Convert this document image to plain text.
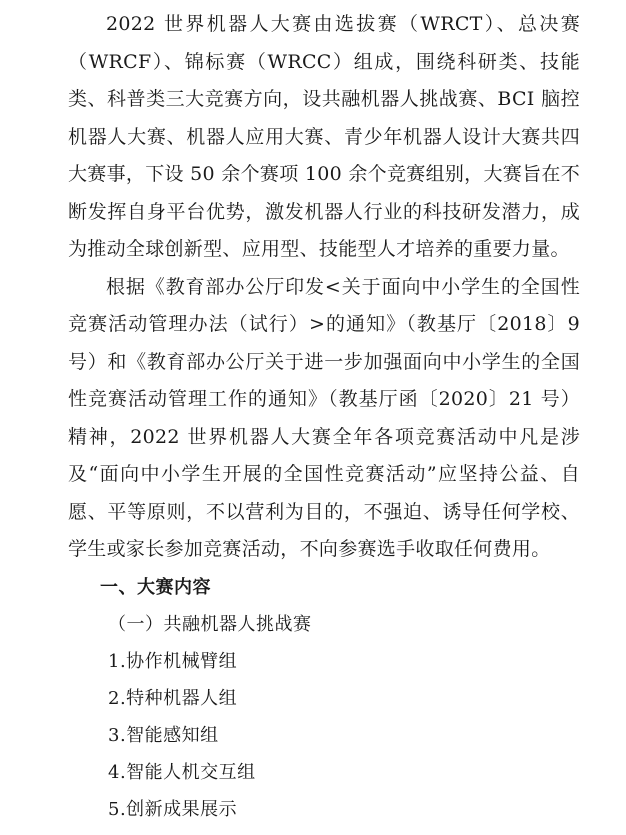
2022 世界机器人大赛由选拔赛（WRCT）、总决赛（WRCF）、锦标赛（WRCC）组成，围绕科研类、技能类、科普类三大竞赛方向，设共融机器人挑战赛、BCI 脑控机器人大赛、机器人应用大赛、青少年机器人设计大赛共四大赛事，下设 50 余个赛项 100 余个竞赛组别，大赛旨在不断发挥自身平台优势，激发机器人行业的科技研发潜力，成为推动全球创新型、应用型、技能型人才培养的重要力量。

根据《教育部办公厅印发<关于面向中小学生的全国性竞赛活动管理办法（试行）>的通知》（教基厅〔2018〕9 号）和《教育部办公厅关于进一步加强面向中小学生的全国性竞赛活动管理工作的通知》（教基厅函〔2020〕21 号）精神，2022 世界机器人大赛全年各项竞赛活动中凡是涉及“面向中小学生开展的全国性竞赛活动”应坚持公益、自愿、平等原则，不以营利为目的，不强迫、诱导任何学校、学生或家长参加竞赛活动，不向参赛选手收取任何费用。

一、大赛内容

（一）共融机器人挑战赛

1.协作机械臂组

2.特种机器人组

3.智能感知组

4.智能人机交互组

5.创新成果展示
